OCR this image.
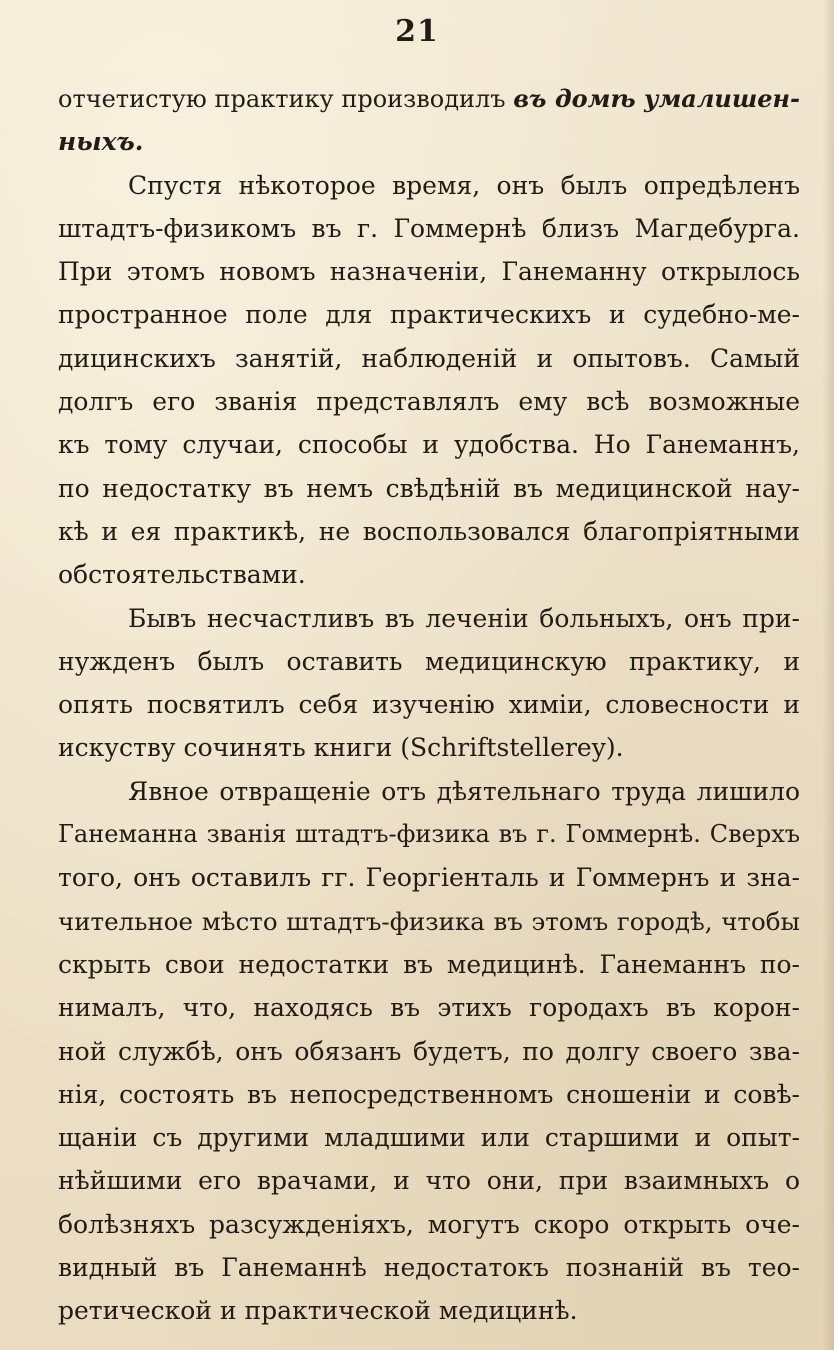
21
отчетистую практику производилъ въ домѣ умалишен-
ныхъ.
Спустя нѣкоторое время, онъ былъ опредѣленъ
штадтъ-физикомъ въ г. Гоммернѣ близъ Магдебурга.
При этомъ новомъ назначенiи, Ганеманну открылось
пространное поле для практическихъ и судебно-ме-
дицинскихъ занятiй, наблюденiй и опытовъ. Самый
долгъ его званiя представлялъ ему всѣ возможные
къ тому случаи, способы и удобства. Но Ганеманнъ,
по недостатку въ немъ свѣдѣнiй въ медицинской нау-
кѣ и ея практикѣ, не воспользовался благопрiятными
обстоятельствами.
Бывъ несчастливъ въ леченiи больныхъ, онъ при-
нужденъ былъ оставить медицинскую практику, и
опять посвятилъ себя изученiю химiи, словесности и
искуству сочинять книги (Schriftstellerey).
Явное отвращенiе отъ дѣятельнаго труда лишило
Ганеманна званiя штадтъ-физика въ г. Гоммернѣ. Сверхъ
того, онъ оставилъ гг. Георгiенталь и Гоммернъ и зна-
чительное мѣсто штадтъ-физика въ этомъ городѣ, чтобы
скрыть свои недостатки въ медицинѣ. Ганеманнъ по-
нималъ, что, находясь въ этихъ городахъ въ корон-
ной службѣ, онъ обязанъ будетъ, по долгу своего зва-
нiя, состоять въ непосредственномъ сношенiи и совѣ-
щанiи съ другими младшими или старшими и опыт-
нѣйшими его врачами, и что они, при взаимныхъ о
болѣзняхъ разсужденiяхъ, могутъ скоро открыть оче-
видный въ Ганеманнѣ недостатокъ познанiй въ тео-
ретической и практической медицинѣ.
